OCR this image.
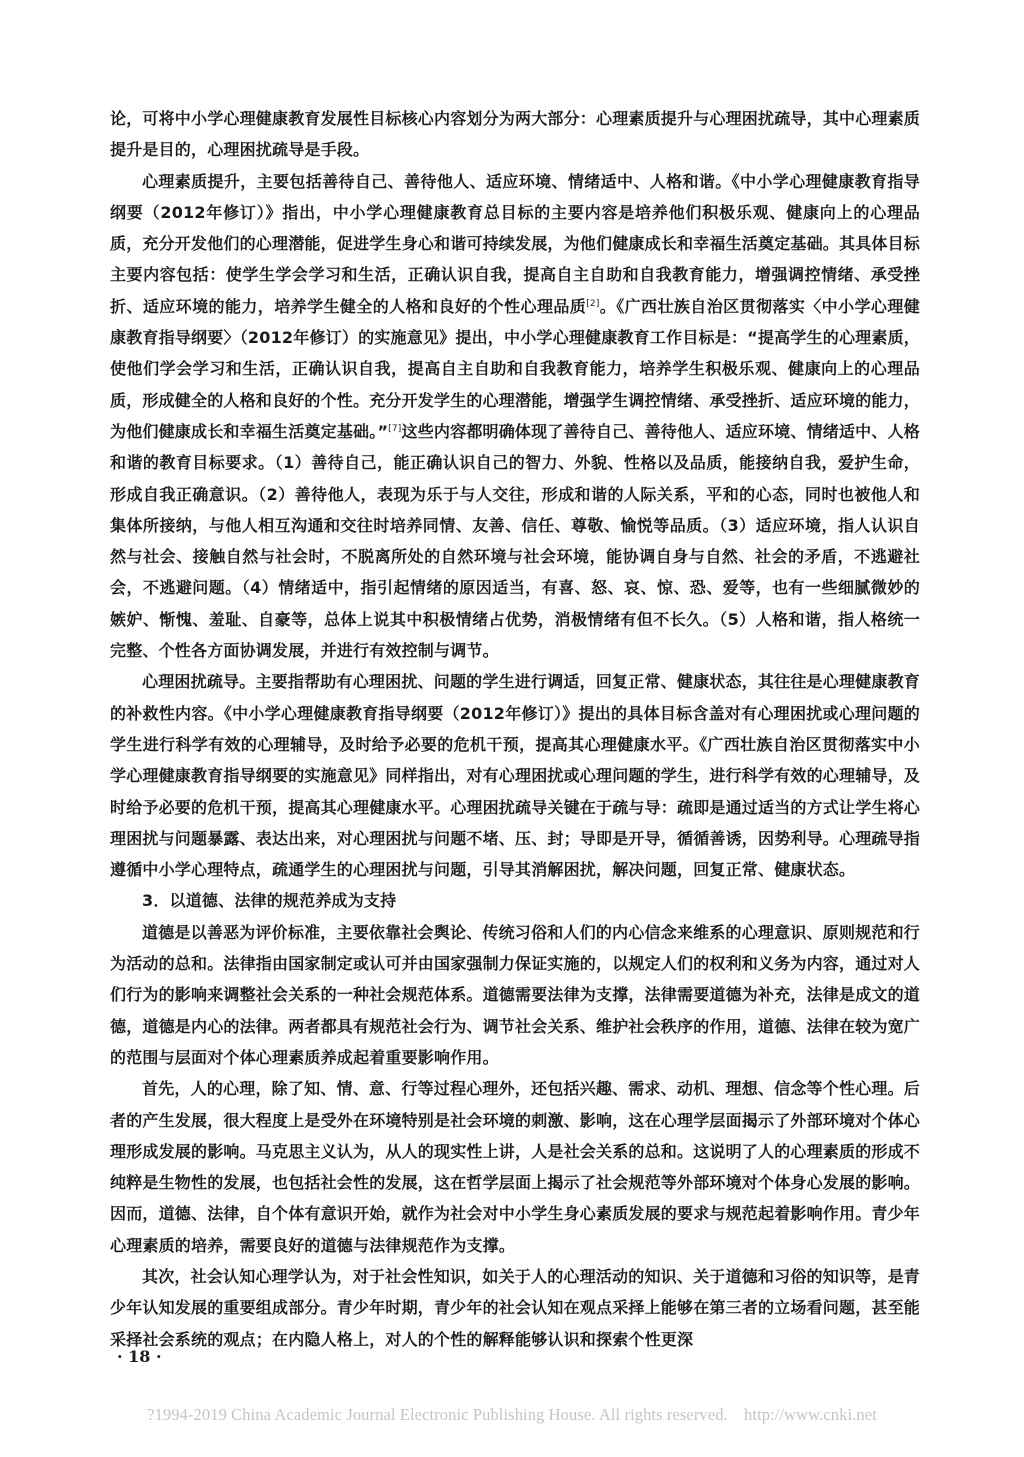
论，可将中小学心理健康教育发展性目标核心内容划分为两大部分：心理素质提升与心理困扰疏导，其中心理素质提升是目的，心理困扰疏导是手段。

心理素质提升，主要包括善待自己、善待他人、适应环境、情绪适中、人格和谐。《中小学心理健康教育指导纲要（2012年修订）》指出，中小学心理健康教育总目标的主要内容是培养他们积极乐观、健康向上的心理品质，充分开发他们的心理潜能，促进学生身心和谐可持续发展，为他们健康成长和幸福生活奠定基础。其具体目标主要内容包括：使学生学会学习和生活，正确认识自我，提高自主自助和自我教育能力，增强调控情绪、承受挫折、适应环境的能力，培养学生健全的人格和良好的个性心理品质[2]。《广西壮族自治区贯彻落实〈中小学心理健康教育指导纲要〉（2012年修订）的实施意见》提出，中小学心理健康教育工作目标是：“提高学生的心理素质，使他们学会学习和生活，正确认识自我，提高自主自助和自我教育能力，培养学生积极乐观、健康向上的心理品质，形成健全的人格和良好的个性。充分开发学生的心理潜能，增强学生调控情绪、承受挫折、适应环境的能力，为他们健康成长和幸福生活奠定基础。”[7]这些内容都明确体现了善待自己、善待他人、适应环境、情绪适中、人格和谐的教育目标要求。（1）善待自己，能正确认识自己的智力、外貌、性格以及品质，能接纳自我，爱护生命，形成自我正确意识。（2）善待他人，表现为乐于与人交往，形成和谐的人际关系，平和的心态，同时也被他人和集体所接纳，与他人相互沟通和交往时培养同情、友善、信任、尊敬、愉悦等品质。（3）适应环境，指人认识自然与社会、接触自然与社会时，不脱离所处的自然环境与社会环境，能协调自身与自然、社会的矛盾，不逃避社会，不逃避问题。（4）情绪适中，指引起情绪的原因适当，有喜、怒、哀、惊、恐、爱等，也有一些细腻微妙的嫉妒、惭愧、羞耻、自豪等，总体上说其中积极情绪占优势，消极情绪有但不长久。（5）人格和谐，指人格统一完整、个性各方面协调发展，并进行有效控制与调节。

心理困扰疏导。主要指帮助有心理困扰、问题的学生进行调适，回复正常、健康状态，其往往是心理健康教育的补救性内容。《中小学心理健康教育指导纲要（2012年修订）》提出的具体目标含盖对有心理困扰或心理问题的学生进行科学有效的心理辅导，及时给予必要的危机干预，提高其心理健康水平。《广西壮族自治区贯彻落实中小学心理健康教育指导纲要的实施意见》同样指出，对有心理困扰或心理问题的学生，进行科学有效的心理辅导，及时给予必要的危机干预，提高其心理健康水平。心理困扰疏导关键在于疏与导：疏即是通过适当的方式让学生将心理困扰与问题暴露、表达出来，对心理困扰与问题不堵、压、封；导即是开导，循循善诱，因势利导。心理疏导指遵循中小学心理特点，疏通学生的心理困扰与问题，引导其消解困扰，解决问题，回复正常、健康状态。

3．以道德、法律的规范养成为支持

道德是以善恶为评价标准，主要依靠社会舆论、传统习俗和人们的内心信念来维系的心理意识、原则规范和行为活动的总和。法律指由国家制定或认可并由国家强制力保证实施的，以规定人们的权利和义务为内容，通过对人们行为的影响来调整社会关系的一种社会规范体系。道德需要法律为支撑，法律需要道德为补充，法律是成文的道德，道德是内心的法律。两者都具有规范社会行为、调节社会关系、维护社会秩序的作用，道德、法律在较为宽广的范围与层面对个体心理素质养成起着重要影响作用。

首先，人的心理，除了知、情、意、行等过程心理外，还包括兴趣、需求、动机、理想、信念等个性心理。后者的产生发展，很大程度上是受外在环境特别是社会环境的刺激、影响，这在心理学层面揭示了外部环境对个体心理形成发展的影响。马克思主义认为，从人的现实性上讲，人是社会关系的总和。这说明了人的心理素质的形成不纯粹是生物性的发展，也包括社会性的发展，这在哲学层面上揭示了社会规范等外部环境对个体身心发展的影响。因而，道德、法律，自个体有意识开始，就作为社会对中小学生身心素质发展的要求与规范起着影响作用。青少年心理素质的培养，需要良好的道德与法律规范作为支撑。

其次，社会认知心理学认为，对于社会性知识，如关于人的心理活动的知识、关于道德和习俗的知识等，是青少年认知发展的重要组成部分。青少年时期，青少年的社会认知在观点采择上能够在第三者的立场看问题，甚至能采择社会系统的观点；在内隐人格上，对人的个性的解释能够认识和探索个性更深

· 18 ·
?1994-2019 China Academic Journal Electronic Publishing House. All rights reserved. http://www.cnki.net
